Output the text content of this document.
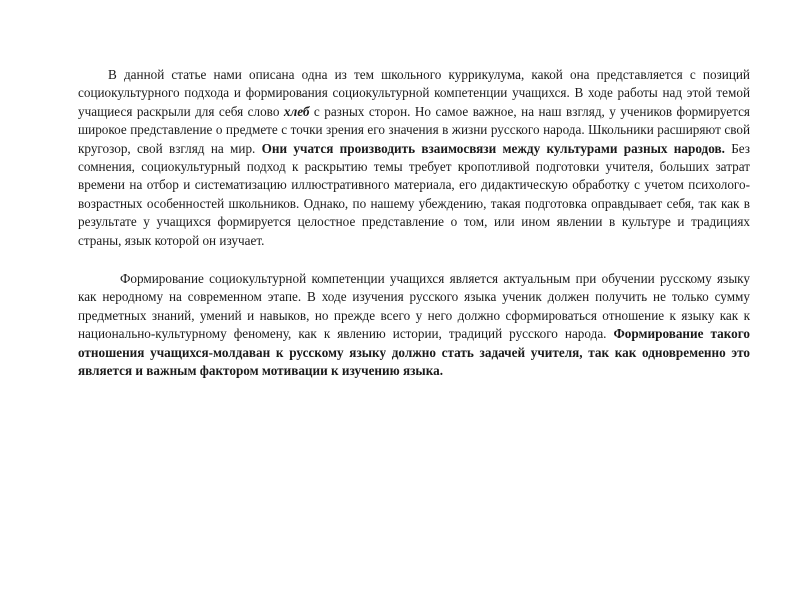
В данной статье нами описана одна из тем школьного куррикулума, какой она представляется с позиций социокультурного подхода и формирования социокультурной компетенции учащихся. В ходе работы над этой темой учащиеся раскрыли для себя слово хлеб с разных сторон. Но самое важное, на наш взгляд, у учеников формируется широкое представление о предмете с точки зрения его значения в жизни русского народа. Школьники расширяют свой кругозор, свой взгляд на мир. Они учатся производить взаимосвязи между культурами разных народов. Без сомнения, социокультурный подход к раскрытию темы требует кропотливой подготовки учителя, больших затрат времени на отбор и систематизацию иллюстративного материала, его дидактическую обработку с учетом психолого-возрастных особенностей школьников. Однако, по нашему убеждению, такая подготовка оправдывает себя, так как в результате у учащихся формируется целостное представление о том, или ином явлении в культуре и традициях страны, язык которой он изучает.

Формирование социокультурной компетенции учащихся является актуальным при обучении русскому языку как неродному на современном этапе. В ходе изучения русского языка ученик должен получить не только сумму предметных знаний, умений и навыков, но прежде всего у него должно сформироваться отношение к языку как к национально-культурному феномену, как к явлению истории, традиций русского народа. Формирование такого отношения учащихся-молдаван к русскому языку должно стать задачей учителя, так как одновременно это является и важным фактором мотивации к изучению языка.
